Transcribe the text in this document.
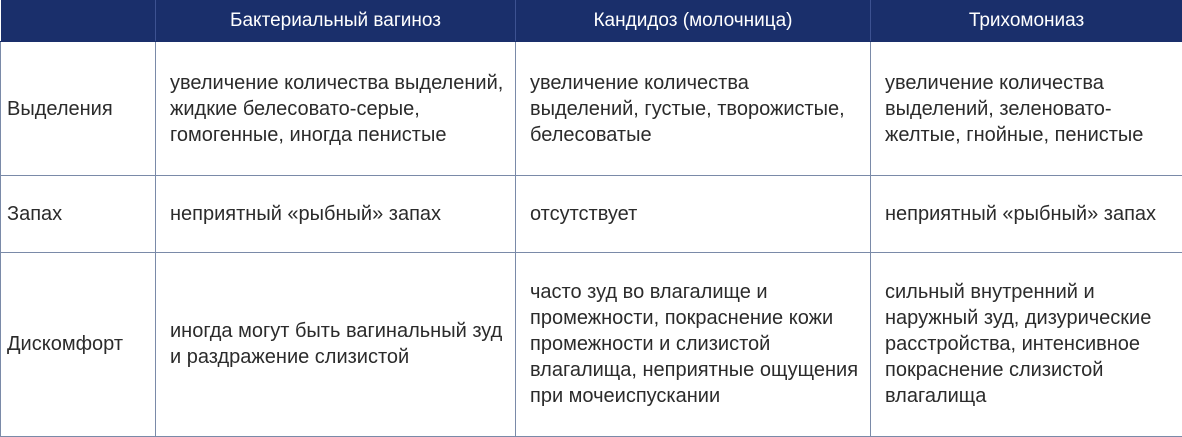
	Бактериальный вагиноз	Кандидоз (молочница)	Трихомониаз
Выделения	увеличение количества выделений, жидкие белесовато-серые, гомогенные, иногда пенистые	увеличение количества выделений, густые, творожистые, белесоватые	увеличение количества выделений, зеленовато-желтые, гнойные, пенистые
Запах	неприятный «рыбный» запах	отсутствует	неприятный «рыбный» запах
Дискомфорт	иногда могут быть вагинальный зуд и раздражение слизистой	часто зуд во влагалище и промежности, покраснение кожи промежности и слизистой влагалища, неприятные ощущения при мочеиспускании	сильный внутренний и наружный зуд, дизурические расстройства, интенсивное покраснение слизистой влагалища
